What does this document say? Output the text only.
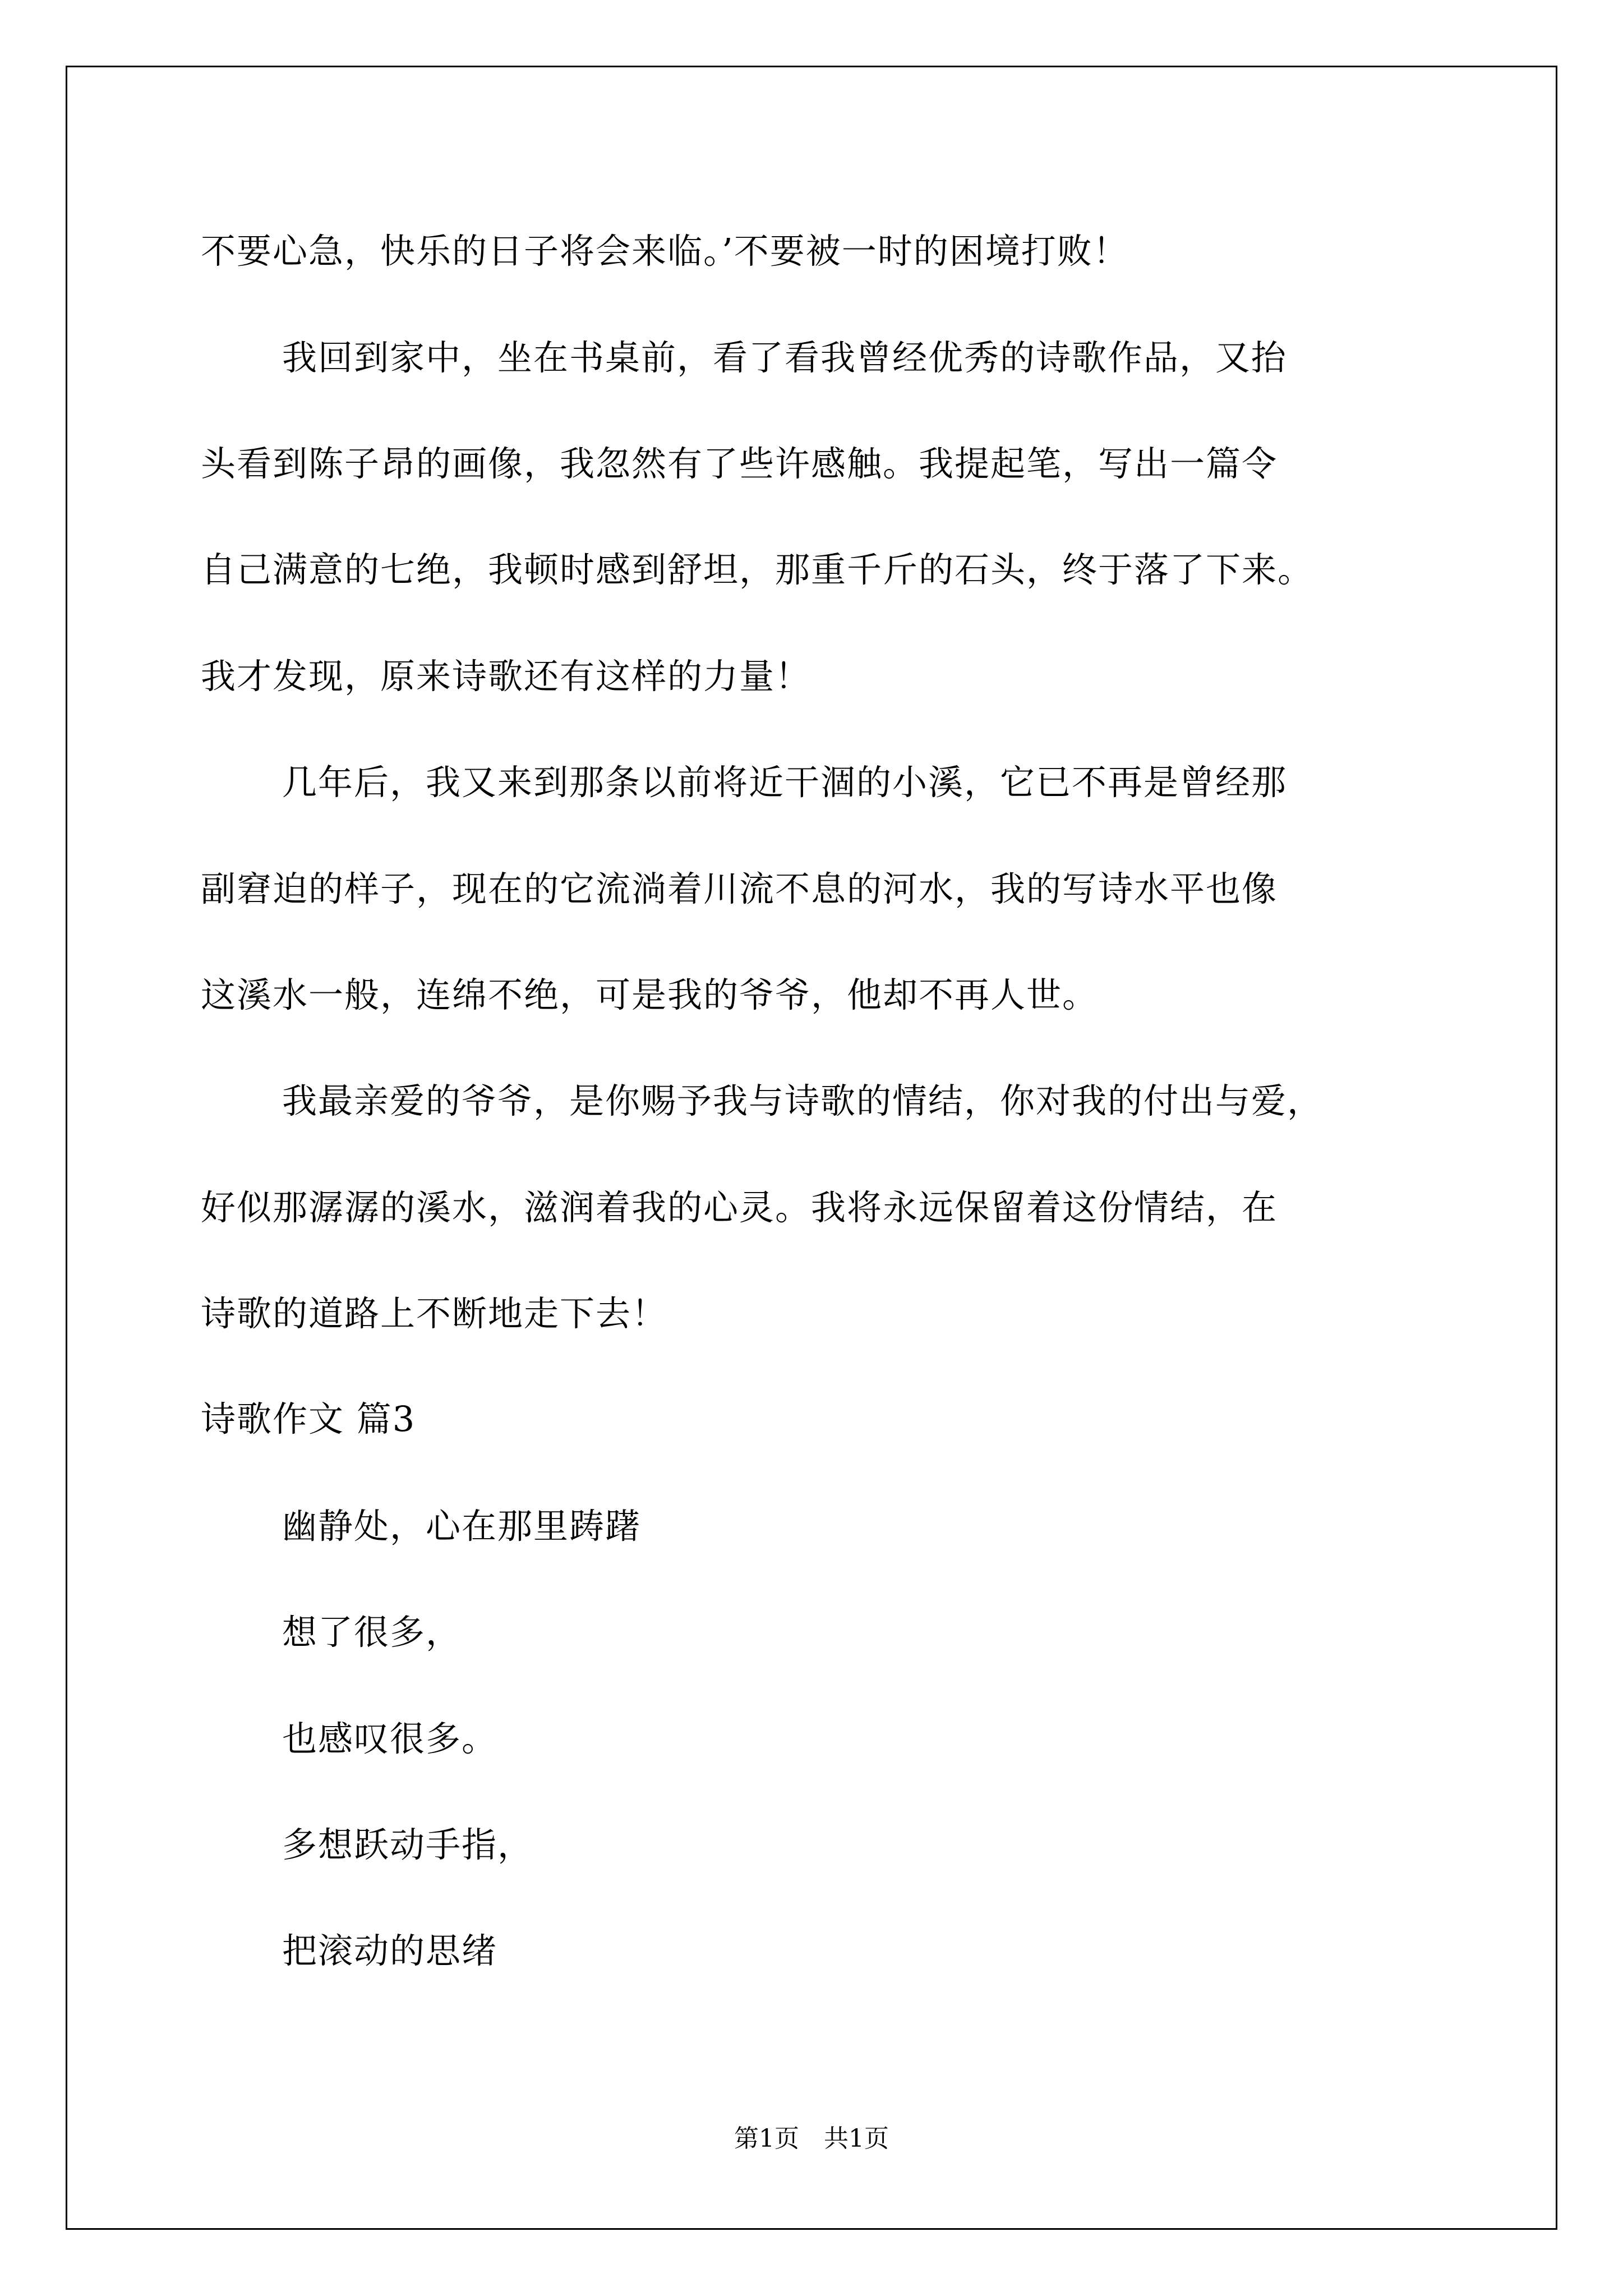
不要心急，快乐的日子将会来临。’不要被一时的困境打败！
我回到家中，坐在书桌前，看了看我曾经优秀的诗歌作品，又抬
头看到陈子昂的画像，我忽然有了些许感触。我提起笔，写出一篇令
自己满意的七绝，我顿时感到舒坦，那重千斤的石头，终于落了下来。
我才发现，原来诗歌还有这样的力量！
几年后，我又来到那条以前将近干涸的小溪，它已不再是曾经那
副窘迫的样子，现在的它流淌着川流不息的河水，我的写诗水平也像
这溪水一般，连绵不绝，可是我的爷爷，他却不再人世。
我最亲爱的爷爷，是你赐予我与诗歌的情结，你对我的付出与爱，
好似那潺潺的溪水，滋润着我的心灵。我将永远保留着这份情结，在
诗歌的道路上不断地走下去！
诗歌作文 篇3
幽静处，心在那里踌躇
想了很多，
也感叹很多。
多想跃动手指，
把滚动的思绪
第1页　共1页
